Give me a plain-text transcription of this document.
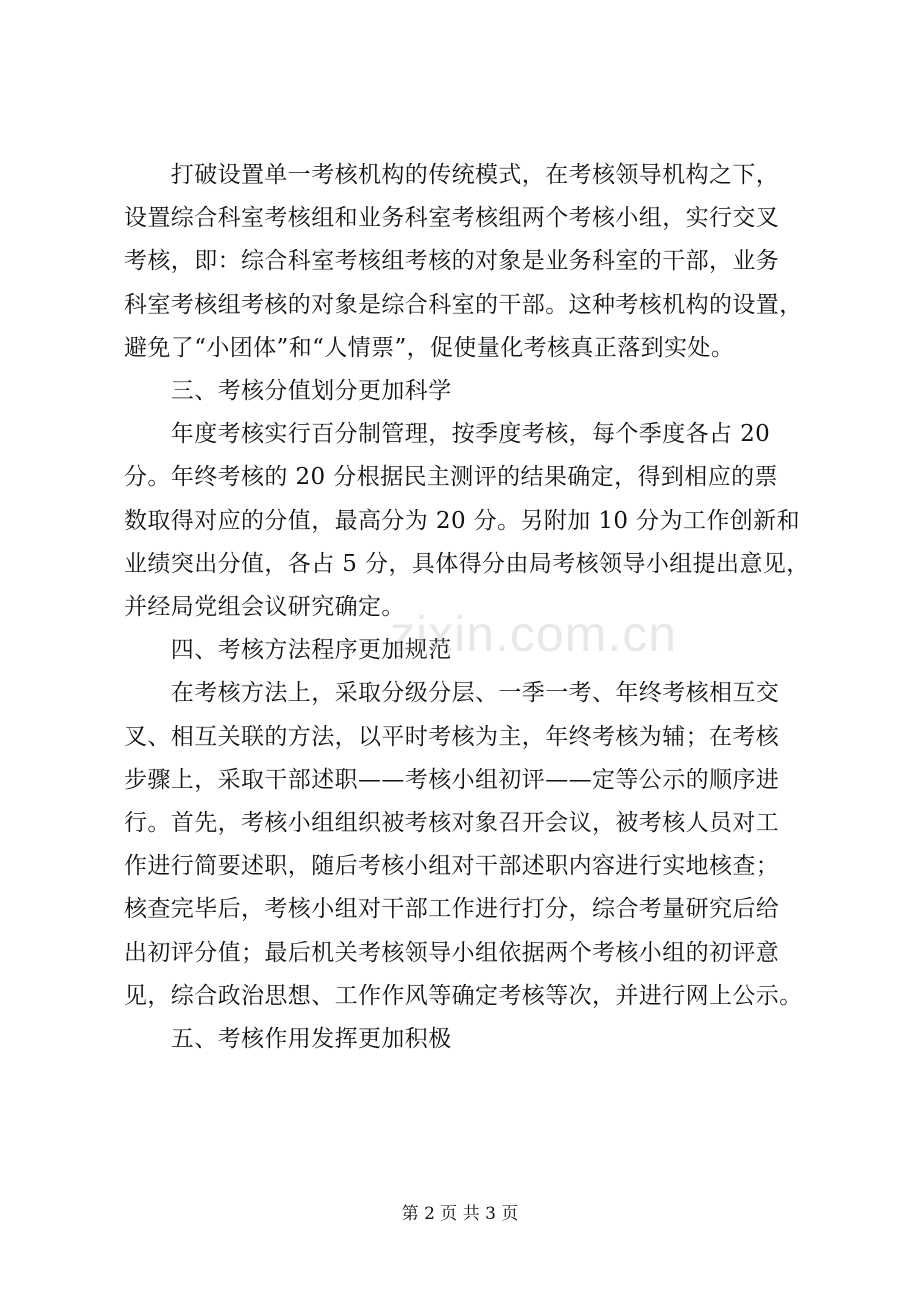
　　打破设置单一考核机构的传统模式，在考核领导机构之下，
设置综合科室考核组和业务科室考核组两个考核小组，实行交叉
考核，即：综合科室考核组考核的对象是业务科室的干部，业务
科室考核组考核的对象是综合科室的干部。这种考核机构的设置，
避免了“小团体”和“人情票”，促使量化考核真正落到实处。
　　三、考核分值划分更加科学
　　年度考核实行百分制管理，按季度考核，每个季度各占 20
分。年终考核的 20 分根据民主测评的结果确定，得到相应的票
数取得对应的分值，最高分为 20 分。另附加 10 分为工作创新和
业绩突出分值，各占 5 分，具体得分由局考核领导小组提出意见，
并经局党组会议研究确定。
　　四、考核方法程序更加规范
　　在考核方法上，采取分级分层、一季一考、年终考核相互交
叉、相互关联的方法，以平时考核为主，年终考核为辅；在考核
步骤上，采取干部述职——考核小组初评——定等公示的顺序进
行。首先，考核小组组织被考核对象召开会议，被考核人员对工
作进行简要述职，随后考核小组对干部述职内容进行实地核查；
核查完毕后，考核小组对干部工作进行打分，综合考量研究后给
出初评分值；最后机关考核领导小组依据两个考核小组的初评意
见，综合政治思想、工作作风等确定考核等次，并进行网上公示。
　　五、考核作用发挥更加积极
zixin.com.cn
第 2 页 共 3 页
